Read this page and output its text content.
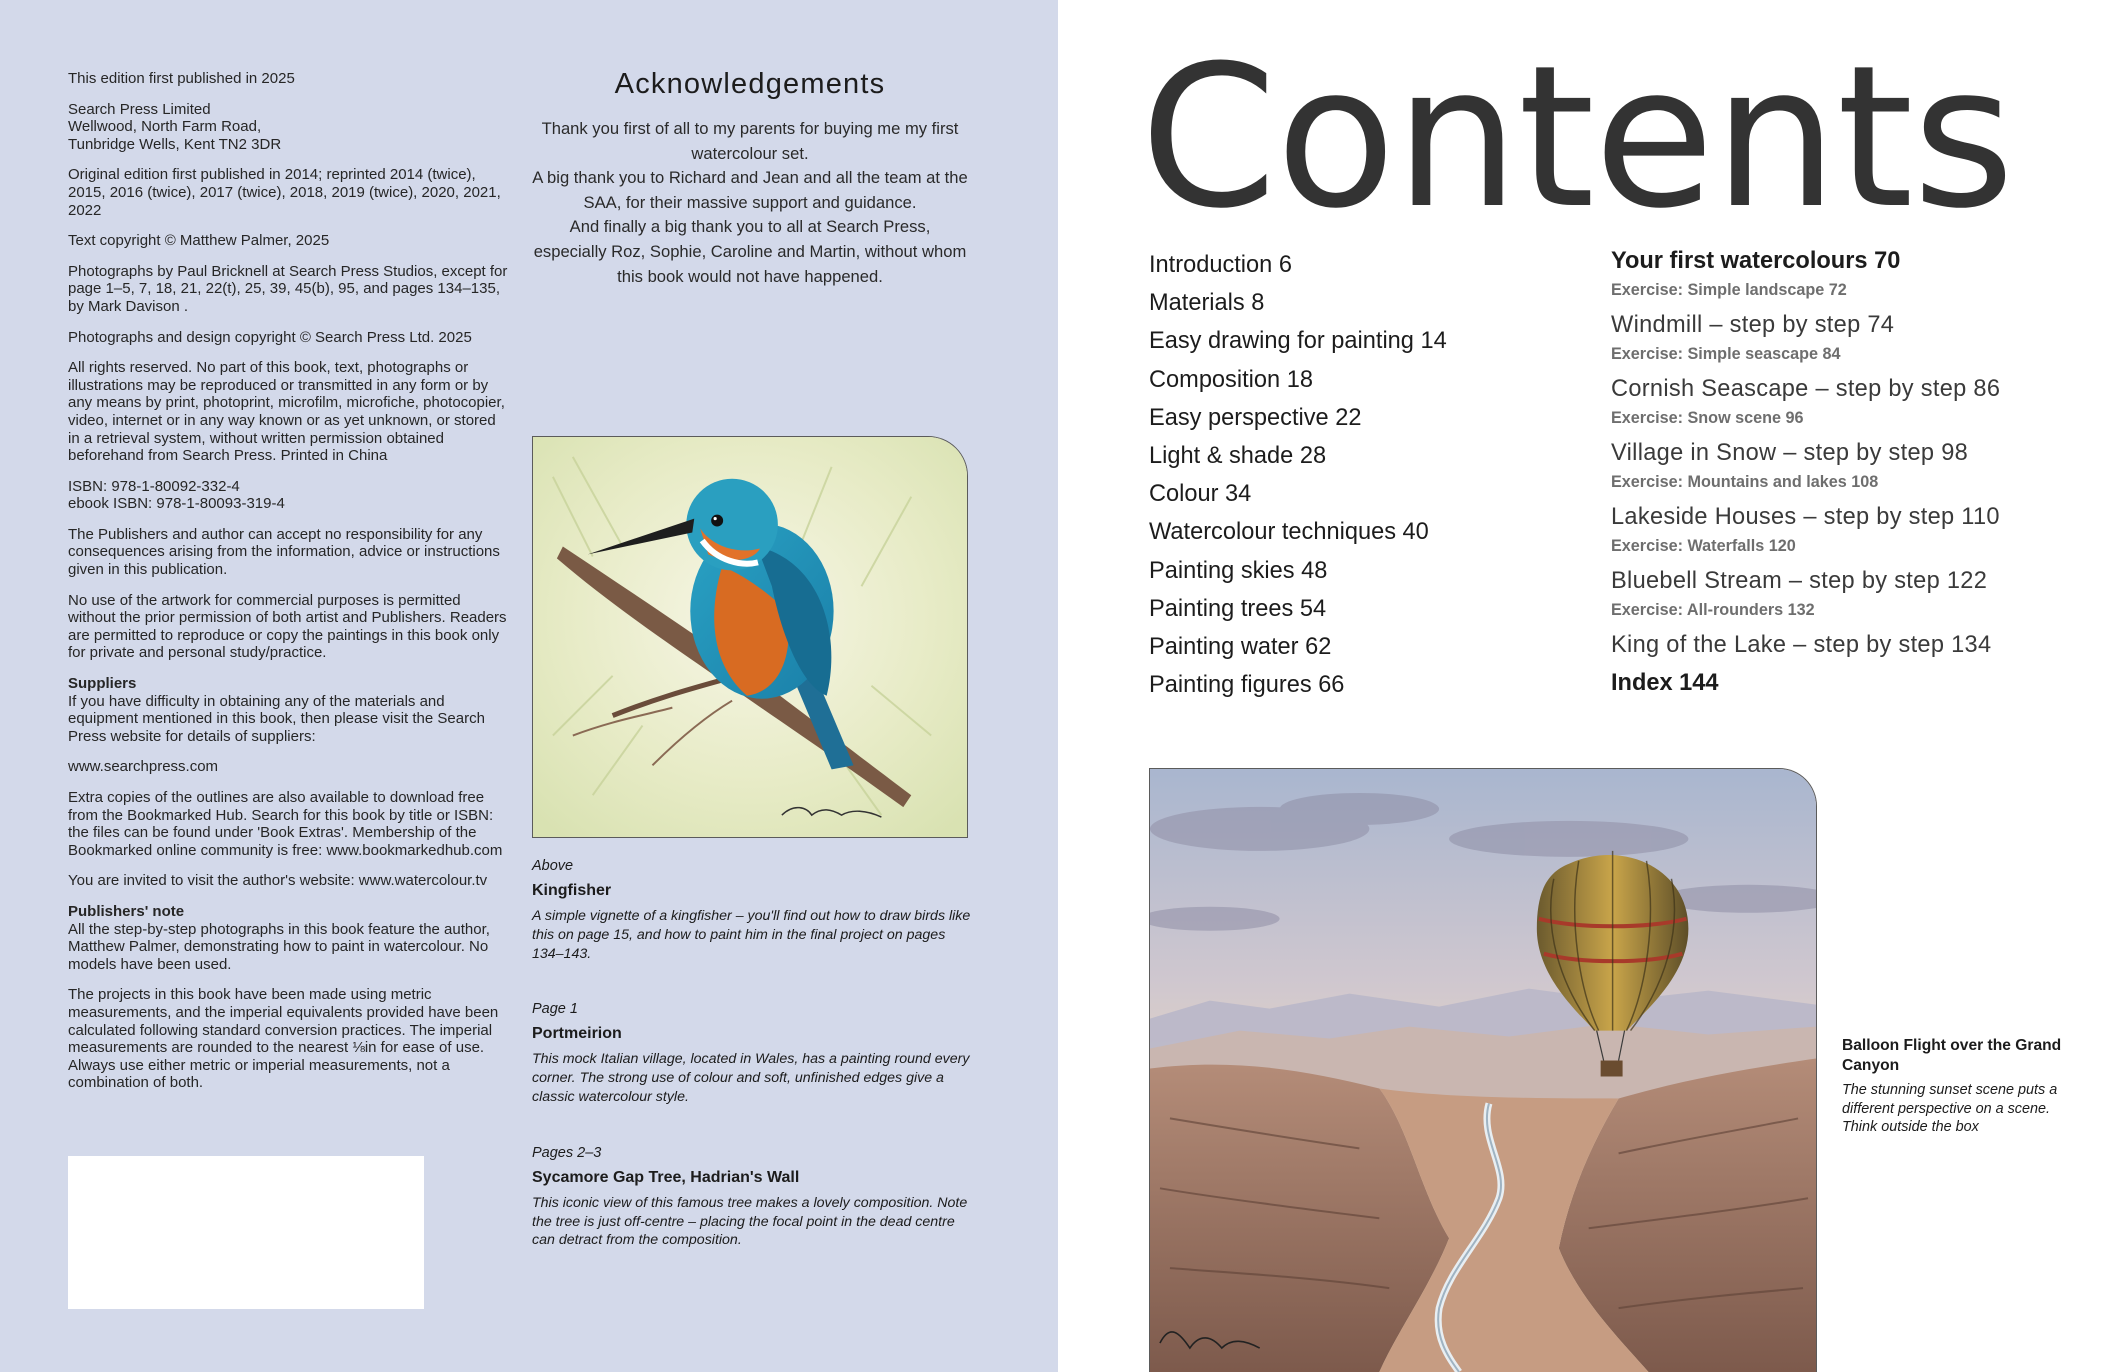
This edition first published in 2025

Search Press Limited
Wellwood, North Farm Road,
Tunbridge Wells, Kent TN2 3DR

Original edition first published in 2014; reprinted 2014 (twice), 2015, 2016 (twice), 2017 (twice), 2018, 2019 (twice), 2020, 2021, 2022

Text copyright © Matthew Palmer, 2025

Photographs by Paul Bricknell at Search Press Studios, except for page 1–5, 7, 18, 21, 22(t), 25, 39, 45(b), 95, and pages 134–135, by Mark Davison .

Photographs and design copyright © Search Press Ltd. 2025

All rights reserved. No part of this book, text, photographs or illustrations may be reproduced or transmitted in any form or by any means by print, photoprint, microfilm, microfiche, photocopier, video, internet or in any way known or as yet unknown, or stored in a retrieval system, without written permission obtained beforehand from Search Press. Printed in China

ISBN: 978-1-80092-332-4
ebook ISBN: 978-1-80093-319-4

The Publishers and author can accept no responsibility for any consequences arising from the information, advice or instructions given in this publication.

No use of the artwork for commercial purposes is permitted without the prior permission of both artist and Publishers. Readers are permitted to reproduce or copy the paintings in this book only for private and personal study/practice.

Suppliers
If you have difficulty in obtaining any of the materials and equipment mentioned in this book, then please visit the Search Press website for details of suppliers:

www.searchpress.com

Extra copies of the outlines are also available to download free from the Bookmarked Hub. Search for this book by title or ISBN: the files can be found under 'Book Extras'. Membership of the Bookmarked online community is free: www.bookmarkedhub.com

You are invited to visit the author's website: www.watercolour.tv

Publishers' note
All the step-by-step photographs in this book feature the author, Matthew Palmer, demonstrating how to paint in watercolour. No models have been used.

The projects in this book have been made using metric measurements, and the imperial equivalents provided have been calculated following standard conversion practices. The imperial measurements are rounded to the nearest ⅛in for ease of use. Always use either metric or imperial measurements, not a combination of both.

Acknowledgements

Thank you first of all to my parents for buying me my first watercolour set.
A big thank you to Richard and Jean and all the team at the SAA, for their massive support and guidance.
And finally a big thank you to all at Search Press, especially Roz, Sophie, Caroline and Martin, without whom this book would not have happened.

Above
Kingfisher
A simple vignette of a kingfisher – you'll find out how to draw birds like this on page 15, and how to paint him in the final project on pages 134–143.
Page 1
Portmeirion
This mock Italian village, located in Wales, has a painting round every corner. The strong use of colour and soft, unfinished edges give a classic watercolour style.
Pages 2–3
Sycamore Gap Tree, Hadrian's Wall
This iconic view of this famous tree makes a lovely composition. Note the tree is just off-centre – placing the focal point in the dead centre can detract from the composition.
Contents
Introduction 6
Materials 8
Easy drawing for painting 14
Composition 18
Easy perspective 22
Light & shade 28
Colour 34
Watercolour techniques 40
Painting skies 48
Painting trees 54
Painting water 62
Painting figures 66
Your first watercolours 70
Exercise: Simple landscape 72
Windmill – step by step 74
Exercise: Simple seascape 84
Cornish Seascape – step by step 86
Exercise: Snow scene 96
Village in Snow – step by step 98
Exercise: Mountains and lakes 108
Lakeside Houses – step by step 110
Exercise: Waterfalls 120
Bluebell Stream – step by step 122
Exercise: All-rounders 132
King of the Lake – step by step 134
Index 144
Balloon Flight over the Grand Canyon
The stunning sunset scene puts a different perspective on a scene. Think outside the box
